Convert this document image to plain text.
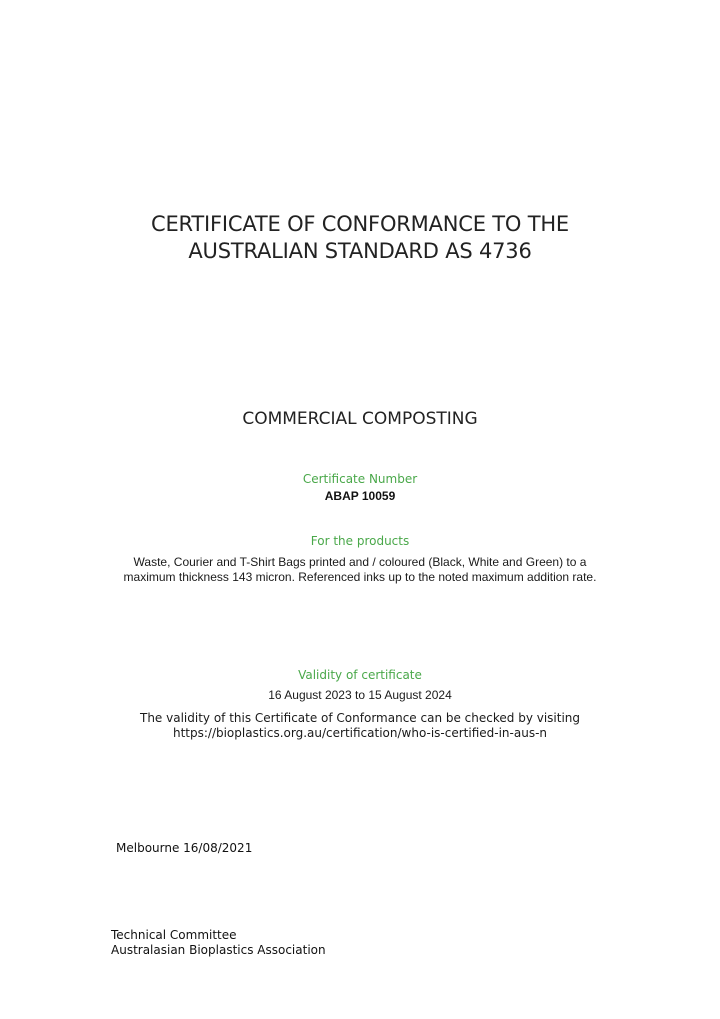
CERTIFICATE OF CONFORMANCE TO THE
AUSTRALIAN STANDARD AS 4736
COMMERCIAL COMPOSTING
Certificate Number
ABAP 10059
For the products
Waste, Courier and T-Shirt Bags printed and / coloured (Black, White and Green) to a
maximum thickness 143 micron. Referenced inks up to the noted maximum addition rate.
Validity of certificate
16 August 2023 to 15 August 2024
The validity of this Certificate of Conformance can be checked by visiting
https://bioplastics.org.au/certification/who-is-certified-in-aus-n
Melbourne 16/08/2021
Technical Committee
Australasian Bioplastics Association
